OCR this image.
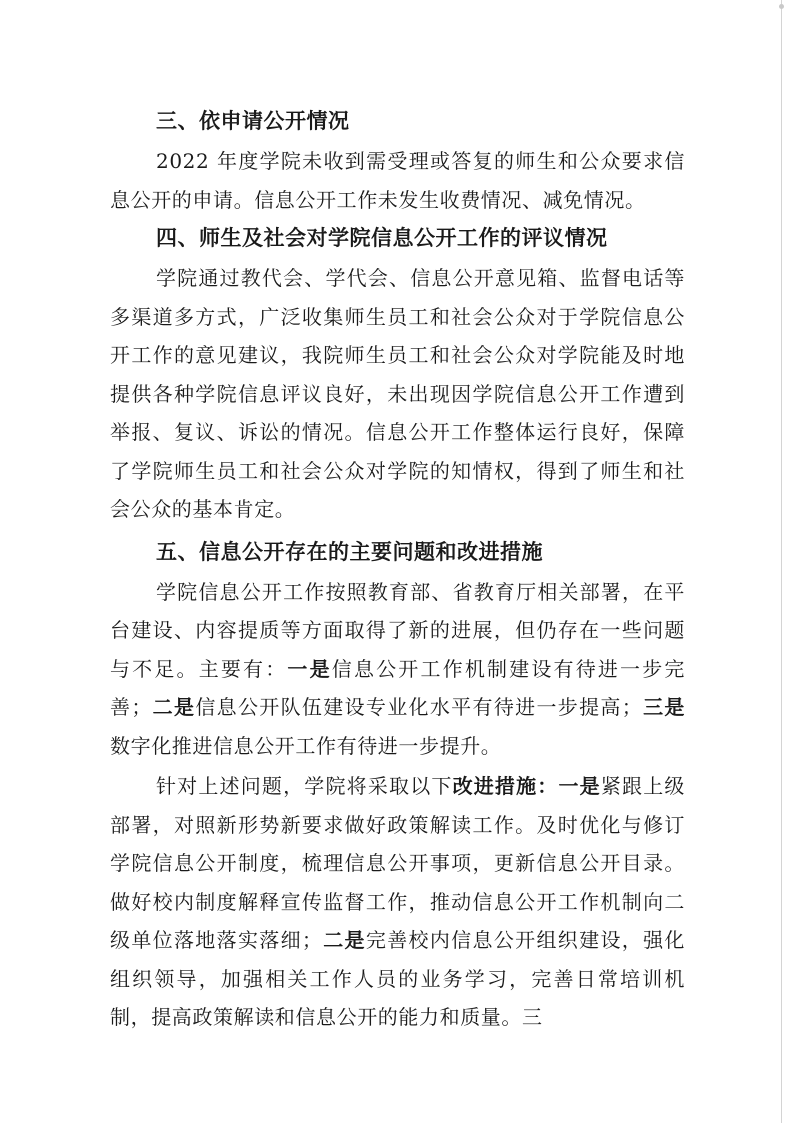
三、依申请公开情况

2022 年度学院未收到需受理或答复的师生和公众要求信息公开的申请。信息公开工作未发生收费情况、减免情况。

四、师生及社会对学院信息公开工作的评议情况

学院通过教代会、学代会、信息公开意见箱、监督电话等多渠道多方式，广泛收集师生员工和社会公众对于学院信息公开工作的意见建议，我院师生员工和社会公众对学院能及时地提供各种学院信息评议良好，未出现因学院信息公开工作遭到举报、复议、诉讼的情况。信息公开工作整体运行良好，保障了学院师生员工和社会公众对学院的知情权，得到了师生和社会公众的基本肯定。

五、信息公开存在的主要问题和改进措施

学院信息公开工作按照教育部、省教育厅相关部署，在平台建设、内容提质等方面取得了新的进展，但仍存在一些问题与不足。主要有：一是信息公开工作机制建设有待进一步完善；二是信息公开队伍建设专业化水平有待进一步提高；三是数字化推进信息公开工作有待进一步提升。

针对上述问题，学院将采取以下改进措施：一是紧跟上级部署，对照新形势新要求做好政策解读工作。及时优化与修订学院信息公开制度，梳理信息公开事项，更新信息公开目录。做好校内制度解释宣传监督工作，推动信息公开工作机制向二级单位落地落实落细；二是完善校内信息公开组织建设，强化组织领导，加强相关工作人员的业务学习，完善日常培训机制，提高政策解读和信息公开的能力和质量。三
